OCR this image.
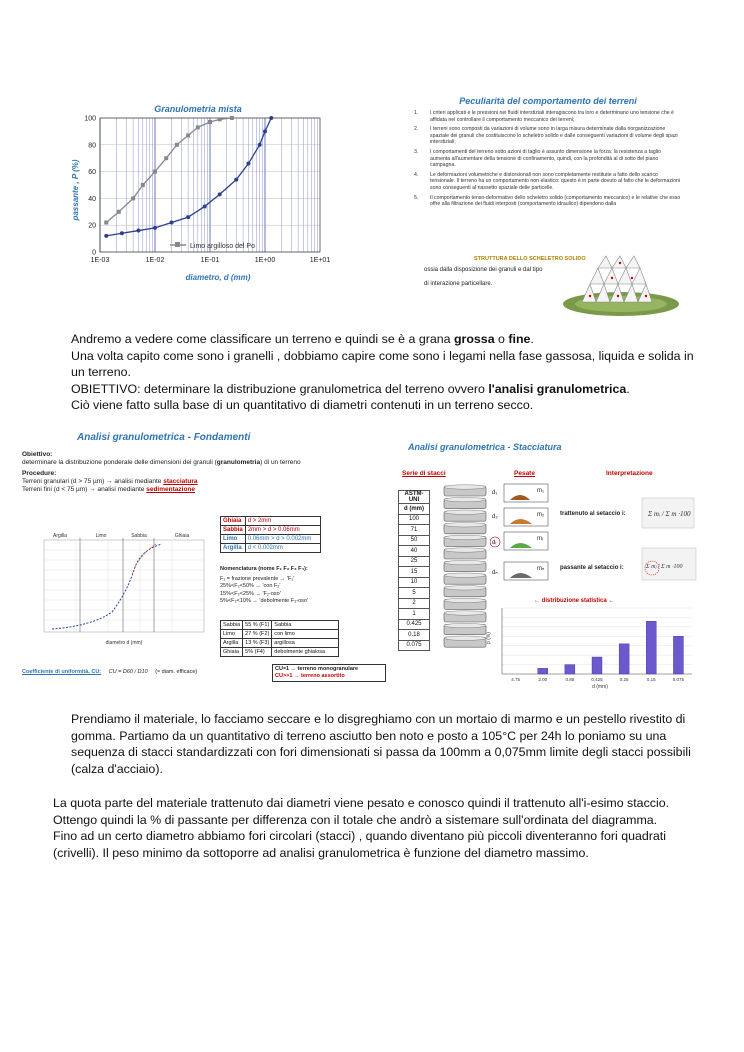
Granulometria mista
100
80
60
40
20
0
1E-03	1E-02	1E-01	1E+00	1E+01
passante , P (%)
diametro, d (mm)
Limo argilloso del Po
Peculiarità del comportamento dei terreni
1.	I criteri applicati e le pressioni nei fluidi interstiziali interagiscono tra loro e determinano uno tensione che è affidata nel controllare il comportamento meccanico dei terreni;
2.	I terreni sono composti da variazioni di volume sono in larga misura determinate dalla riorganizzazione spaziale dei granuli che costituiscono lo scheletro solido e dalle conseguenti variazioni di volume degli spazi interstiziali;
3.	I comportamenti del terreno sotto azioni di taglio è assunto dimensione la forza: la resistenza a taglio aumenta all'aumentare della tensione di confinamento, quindi, con la profondità al di sotto del piano campagna.
4.	Le deformazioni volumetriche e distorsionali non sono completamente restituite a fatto dello scarico tensionale. Il terreno ha un comportamento non elastico: questo è in parte dovuto al fatto che le deformazioni sono conseguenti al riassetto spaziale delle particelle.
5.	Il comportamento tenso-deformativo dello scheletro solido (comportamento meccanico) e le relative che esso offre alla filtrazione dei fluidi interposti (comportamento idraulico) dipendono dalla
STRUTTURA DELLO SCHELETRO SOLIDO
ossia dalla disposizione dei granuli e dal tipo
di interazione particellare.
Andremo a vedere come classificare un terreno e quindi se è a grana grossa o fine.
Una volta capito come sono i granelli , dobbiamo capire come sono i legami nella fase gassosa, liquida e solida in
un terreno.
OBIETTIVO: determinare la distribuzione granulometrica del terreno ovvero l'analisi granulometrica.
Ciò viene fatto sulla base di un quantitativo di diametri contenuti in un terreno secco.
Analisi granulometrica - Fondamenti
Obiettivo:
determinare la distribuzione ponderale delle dimensioni dei granuli (granulometria) di un terreno
Procedure:
Terreni granulari (d > 75 µm) → analisi mediante stacciatura
Terreni fini (d < 75 µm) → analisi mediante sedimentazione
Argilla	Limo	Sabbia	Ghiaia
diametro d (mm)
Ghiaia	d > 2mm
Sabbia	2mm > d > 0.06mm
Limo	0.06mm > d > 0.002mm
Argilla	d < 0.002mm
Nomenclatura (nome F₁ F₂ F₃ F₄):
F₁ = frazione prevalente → 'F₁'
25%<F₂<50% → 'con F₂'
15%<F₂<25% → 'F₂-oso'
5%<F₂<10% → 'debolmente F₂-oso'
Sabbia	55 % (F1)	Sabbia
Limo	27 % (F2)	con limo
Argilla	13 % (F3)	argillosa
Ghiaia	5% (F4)	debolmente ghiaiosa
Coefficiente di uniformità, CU: CU = D60 / D10 (≈ diam. efficace)	CU≈1 → terreno monogranulare
CU>>1 → terreno assortito
Analisi granulometrica - Stacciatura
Serie di stacci	Pesate	Interpretazione
ASTM-UNI
d (mm)
100
71
50
40
25
15
10
5
2
1
0.425
0.18
0.075
m₁
m₂
mᵢ
mₙ
d₁
d₂
dᵢ
dₙ
trattenuto al setaccio i:
passante al setaccio i:
Σ mᵢ / Σ m ·100
Σ mⱼ / Σ m ·100
← distribuzione statistica ←
4.75	2.00	0.85	0.425	0.25	0.15	0.075
p (%)
d (mm)
Prendiamo il materiale, lo facciamo seccare e lo disgreghiamo con un mortaio di marmo e un pestello rivestito di
gomma. Partiamo da un quantitativo di terreno asciutto ben noto e posto a 105°C per 24h lo poniamo su una
sequenza di stacci standardizzati con fori dimensionati si passa da 100mm a 0,075mm limite degli stacci possibili
(calza d'acciaio).
La quota parte del materiale trattenuto dai diametri viene pesato e conosco quindi il trattenuto all'i-esimo staccio.
Ottengo quindi la % di passante per differenza con il totale che andrò a sistemare sull'ordinata del diagramma.
Fino ad un certo diametro abbiamo fori circolari (stacci) , quando diventano più piccoli diventeranno fori quadrati
(crivelli). Il peso minimo da sottoporre ad analisi granulometrica è funzione del diametro massimo.
